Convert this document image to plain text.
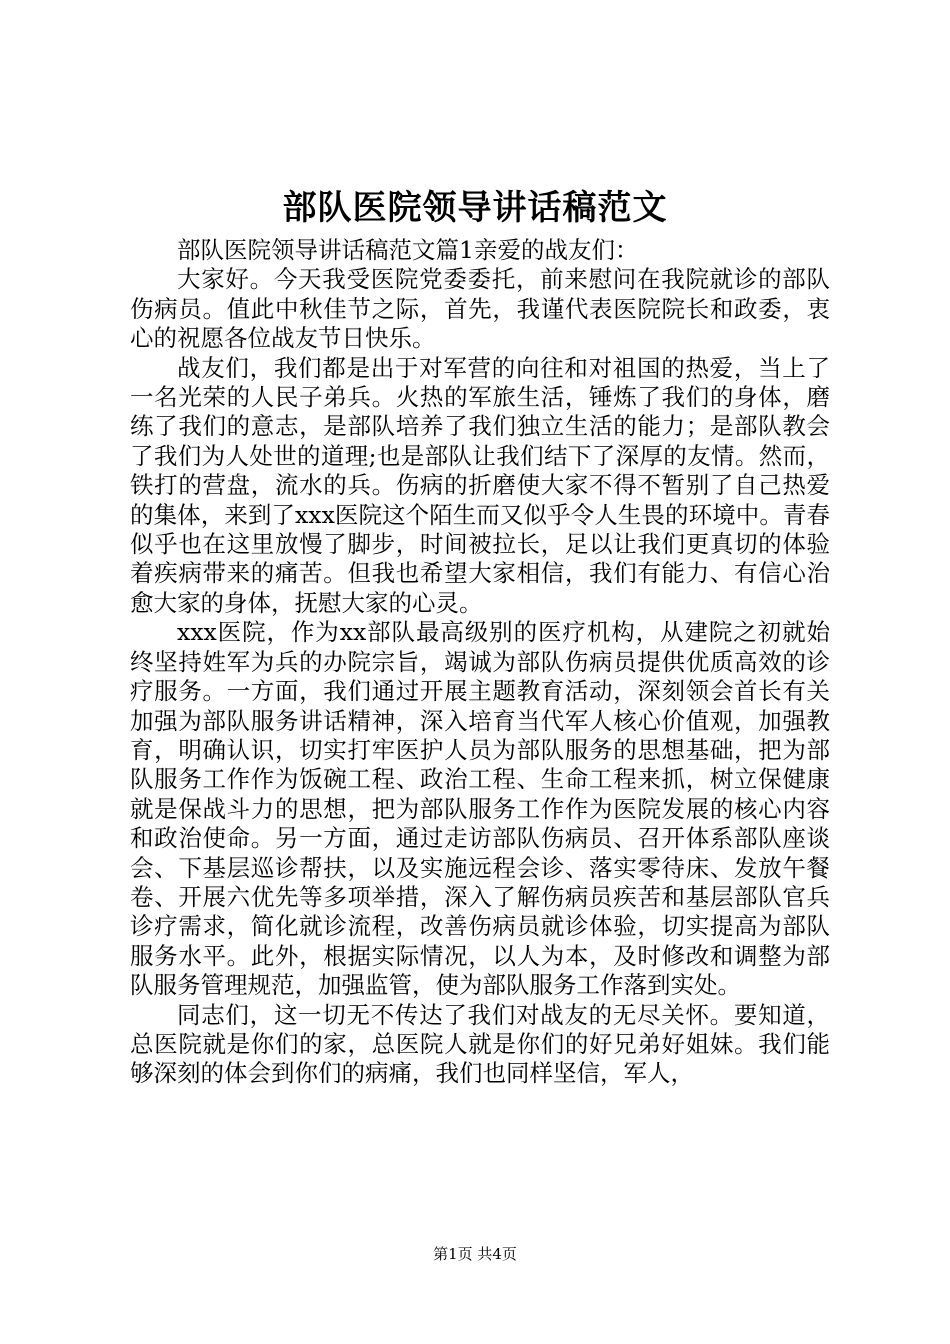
部队医院领导讲话稿范文

部队医院领导讲话稿范文篇1亲爱的战友们：

大家好。今天我受医院党委委托，前来慰问在我院就诊的部队伤病员。值此中秋佳节之际，首先，我谨代表医院院长和政委，衷心的祝愿各位战友节日快乐。

战友们，我们都是出于对军营的向往和对祖国的热爱，当上了一名光荣的人民子弟兵。火热的军旅生活，锤炼了我们的身体，磨练了我们的意志，是部队培养了我们独立生活的能力；是部队教会了我们为人处世的道理;也是部队让我们结下了深厚的友情。然而，铁打的营盘，流水的兵。伤病的折磨使大家不得不暂别了自己热爱的集体，来到了xxx医院这个陌生而又似乎令人生畏的环境中。青春似乎也在这里放慢了脚步，时间被拉长，足以让我们更真切的体验着疾病带来的痛苦。但我也希望大家相信，我们有能力、有信心治愈大家的身体，抚慰大家的心灵。

xxx医院，作为xx部队最高级别的医疗机构，从建院之初就始终坚持姓军为兵的办院宗旨，竭诚为部队伤病员提供优质高效的诊疗服务。一方面，我们通过开展主题教育活动，深刻领会首长有关加强为部队服务讲话精神，深入培育当代军人核心价值观，加强教育，明确认识，切实打牢医护人员为部队服务的思想基础，把为部队服务工作作为饭碗工程、政治工程、生命工程来抓，树立保健康就是保战斗力的思想，把为部队服务工作作为医院发展的核心内容和政治使命。另一方面，通过走访部队伤病员、召开体系部队座谈会、下基层巡诊帮扶，以及实施远程会诊、落实零待床、发放午餐卷、开展六优先等多项举措，深入了解伤病员疾苦和基层部队官兵诊疗需求，简化就诊流程，改善伤病员就诊体验，切实提高为部队服务水平。此外，根据实际情况，以人为本，及时修改和调整为部队服务管理规范，加强监管，使为部队服务工作落到实处。

同志们，这一切无不传达了我们对战友的无尽关怀。要知道，总医院就是你们的家，总医院人就是你们的好兄弟好姐妹。我们能够深刻的体会到你们的病痛，我们也同样坚信，军人，

第1页 共4页
